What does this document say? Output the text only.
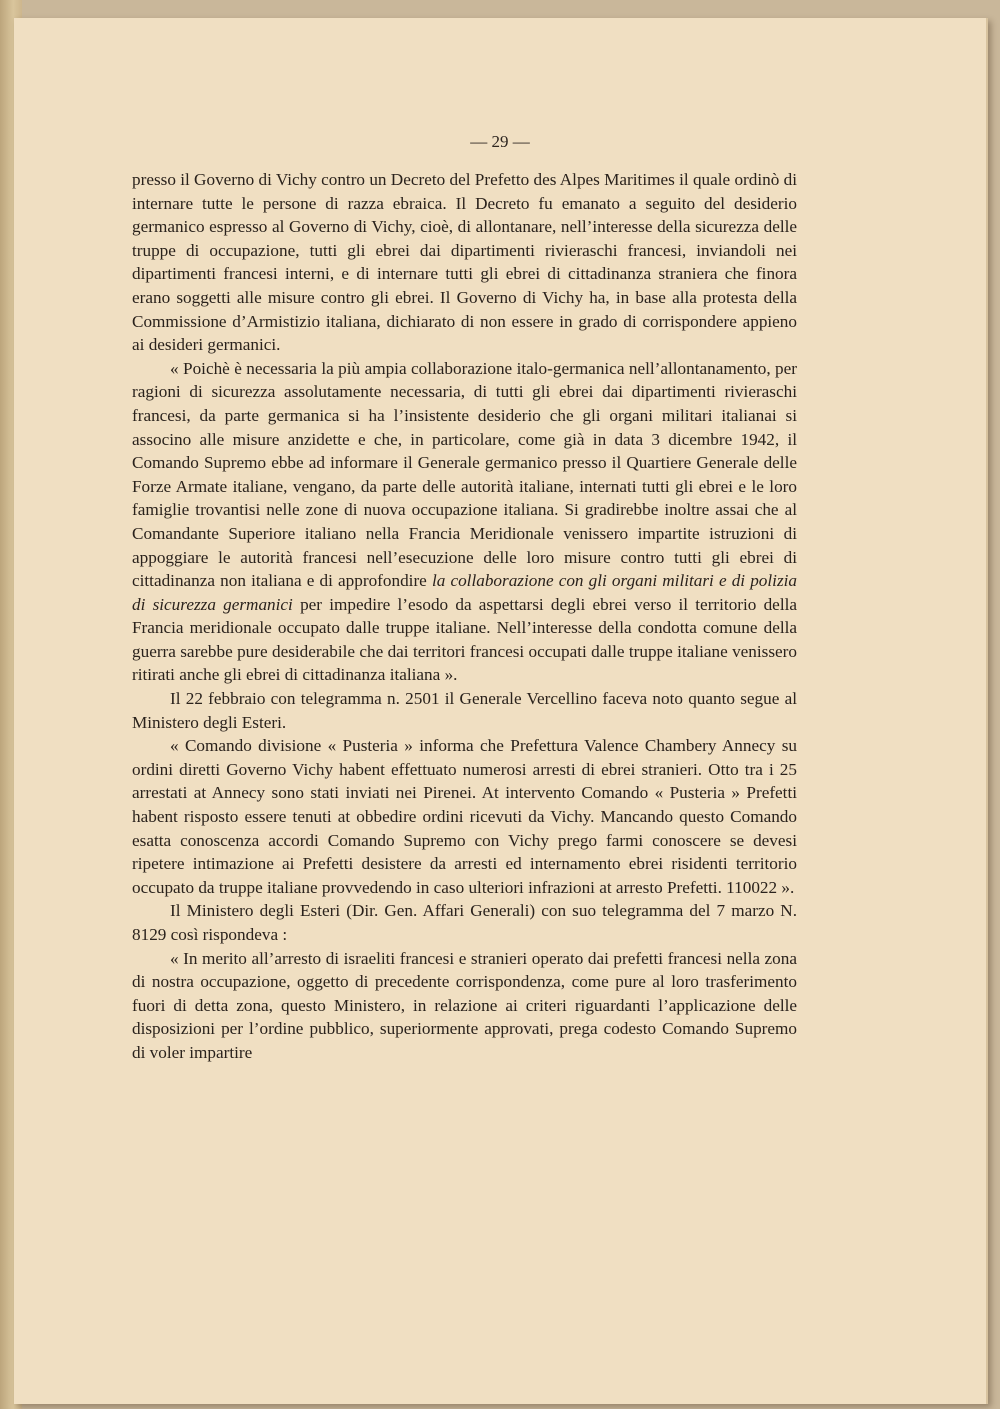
— 29 —

presso il Governo di Vichy contro un Decreto del Prefetto des Alpes Maritimes il quale ordinò di internare tutte le persone di razza ebraica. Il Decreto fu emanato a seguito del desiderio germanico espresso al Governo di Vichy, cioè, di allontanare, nell’interesse della sicurezza delle truppe di occupazione, tutti gli ebrei dai dipartimenti rivieraschi francesi, inviandoli nei dipartimenti francesi interni, e di internare tutti gli ebrei di cittadinanza straniera che finora erano soggetti alle misure contro gli ebrei. Il Governo di Vichy ha, in base alla protesta della Commissione d’Armistizio italiana, dichiarato di non essere in grado di corrispondere appieno ai desideri germanici.

« Poichè è necessaria la più ampia collaborazione italo-germanica nell’allontanamento, per ragioni di sicurezza assolutamente necessaria, di tutti gli ebrei dai dipartimenti rivieraschi francesi, da parte germanica si ha l’insistente desiderio che gli organi militari italianai si associno alle misure anzidette e che, in particolare, come già in data 3 dicembre 1942, il Comando Supremo ebbe ad informare il Generale germanico presso il Quartiere Generale delle Forze Armate italiane, vengano, da parte delle autorità italiane, internati tutti gli ebrei e le loro famiglie trovantisi nelle zone di nuova occupazione italiana. Si gradirebbe inoltre assai che al Comandante Superiore italiano nella Francia Meridionale venissero impartite istruzioni di appoggiare le autorità francesi nell’esecuzione delle loro misure contro tutti gli ebrei di cittadinanza non italiana e di approfondire la collaborazione con gli organi militari e di polizia di sicurezza germanici per impedire l’esodo da aspettarsi degli ebrei verso il territorio della Francia meridionale occupato dalle truppe italiane. Nell’interesse della condotta comune della guerra sarebbe pure desiderabile che dai territori francesi occupati dalle truppe italiane venissero ritirati anche gli ebrei di cittadinanza italiana ».

Il 22 febbraio con telegramma n. 2501 il Generale Vercellino faceva noto quanto segue al Ministero degli Esteri.

« Comando divisione « Pusteria » informa che Prefettura Valence Chambery Annecy su ordini diretti Governo Vichy habent effettuato numerosi arresti di ebrei stranieri. Otto tra i 25 arrestati at Annecy sono stati inviati nei Pirenei. At intervento Comando « Pusteria » Prefetti habent risposto essere tenuti at obbedire ordini ricevuti da Vichy. Mancando questo Comando esatta conoscenza accordi Comando Supremo con Vichy prego farmi conoscere se devesi ripetere intimazione ai Prefetti desistere da arresti ed internamento ebrei risidenti territorio occupato da truppe italiane provvedendo in caso ulteriori infrazioni at arresto Prefetti. 110022 ».

Il Ministero degli Esteri (Dir. Gen. Affari Generali) con suo telegramma del 7 marzo N. 8129 così rispondeva :

« In merito all’arresto di israeliti francesi e stranieri operato dai prefetti francesi nella zona di nostra occupazione, oggetto di precedente corrispondenza, come pure al loro trasferimento fuori di detta zona, questo Ministero, in relazione ai criteri riguardanti l’applicazione delle disposizioni per l’ordine pubblico, superiormente approvati, prega codesto Comando Supremo di voler impartire
